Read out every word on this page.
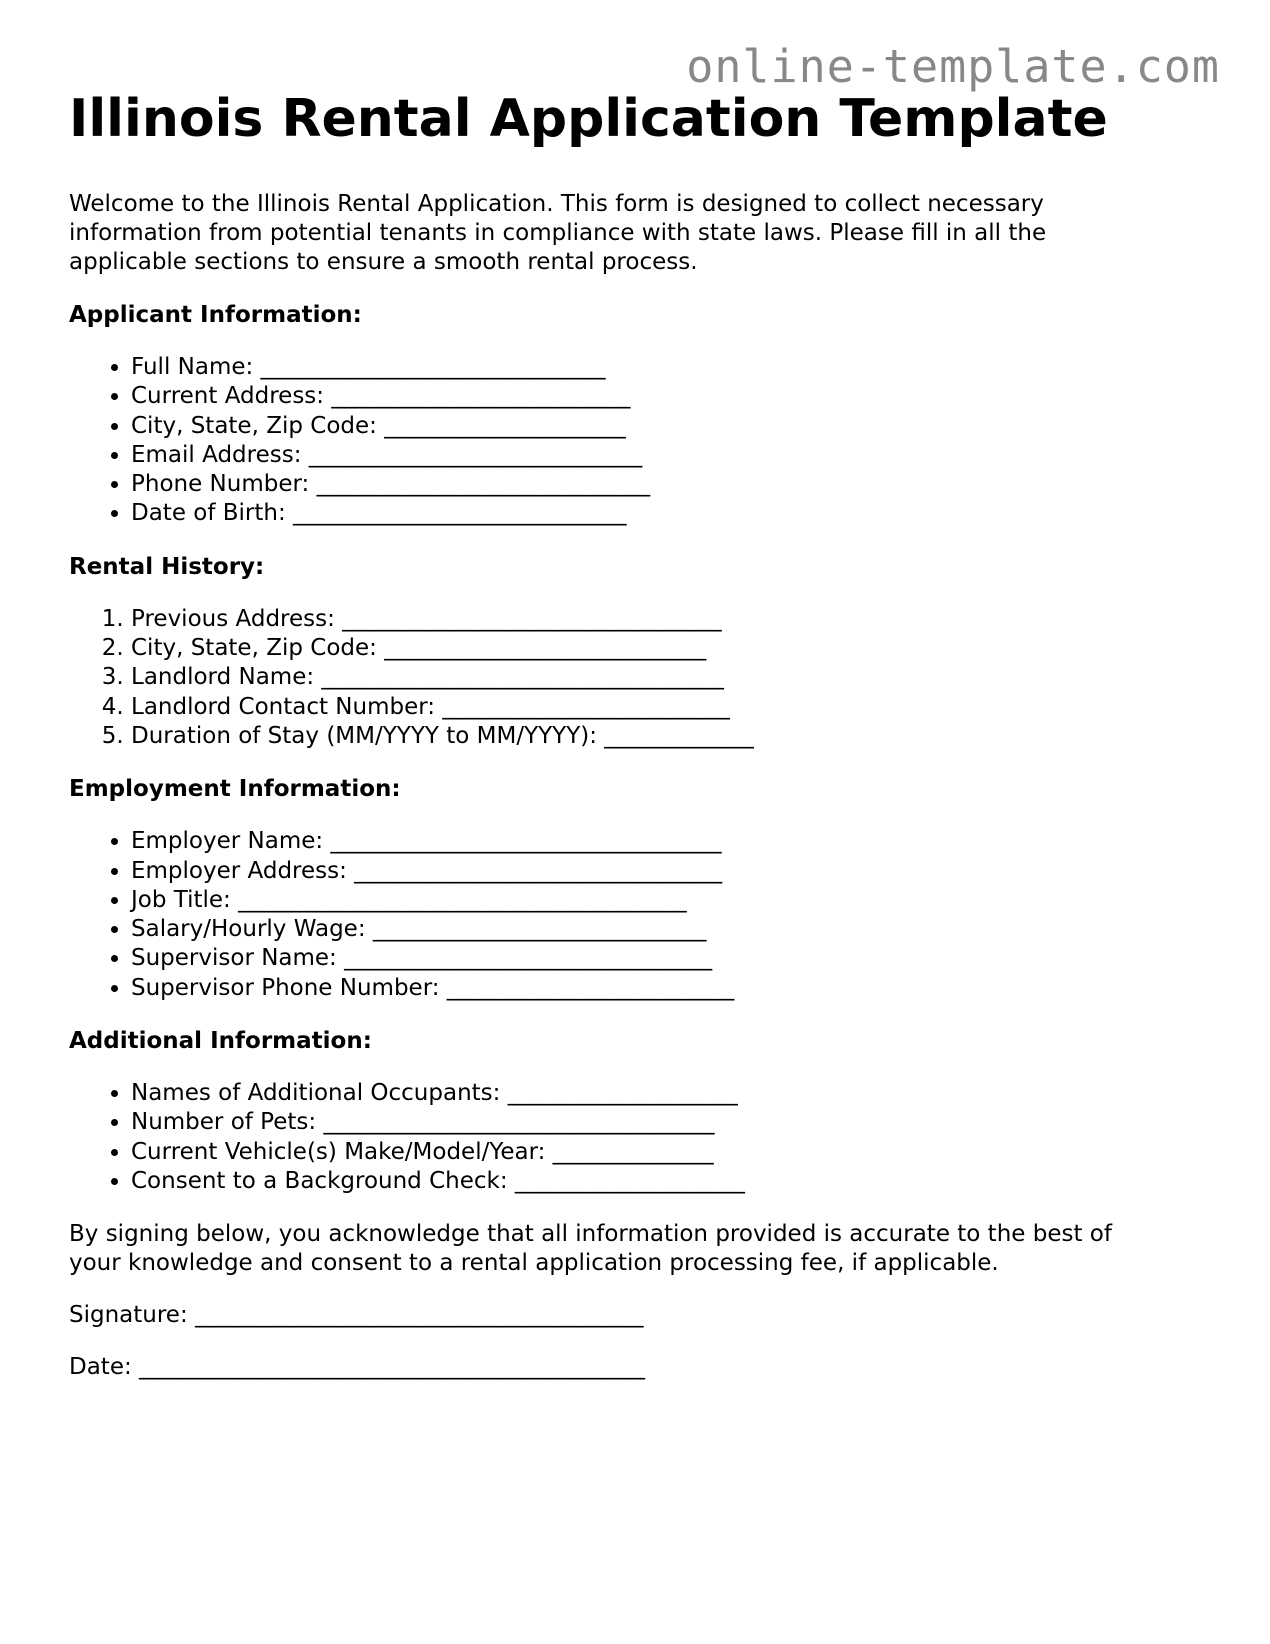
online-template.com
Illinois Rental Application Template

Welcome to the Illinois Rental Application. This form is designed to collect necessary information from potential tenants in compliance with state laws. Please fill in all the applicable sections to ensure a smooth rental process.

Applicant Information:
• Full Name: ______________________________
• Current Address: __________________________
• City, State, Zip Code: _____________________
• Email Address: _____________________________
• Phone Number: _____________________________
• Date of Birth: _____________________________
Rental History:
1. Previous Address: _________________________________
2. City, State, Zip Code: ____________________________
3. Landlord Name: ___________________________________
4. Landlord Contact Number: _________________________
5. Duration of Stay (MM/YYYY to MM/YYYY): _____________
Employment Information:
• Employer Name: __________________________________
• Employer Address: ________________________________
• Job Title: _______________________________________
• Salary/Hourly Wage: _____________________________
• Supervisor Name: ________________________________
• Supervisor Phone Number: _________________________
Additional Information:
• Names of Additional Occupants: ____________________
• Number of Pets: __________________________________
• Current Vehicle(s) Make/Model/Year: ______________
• Consent to a Background Check: ____________________

By signing below, you acknowledge that all information provided is accurate to the best of your knowledge and consent to a rental application processing fee, if applicable.

Signature: _______________________________________

Date: ____________________________________________
